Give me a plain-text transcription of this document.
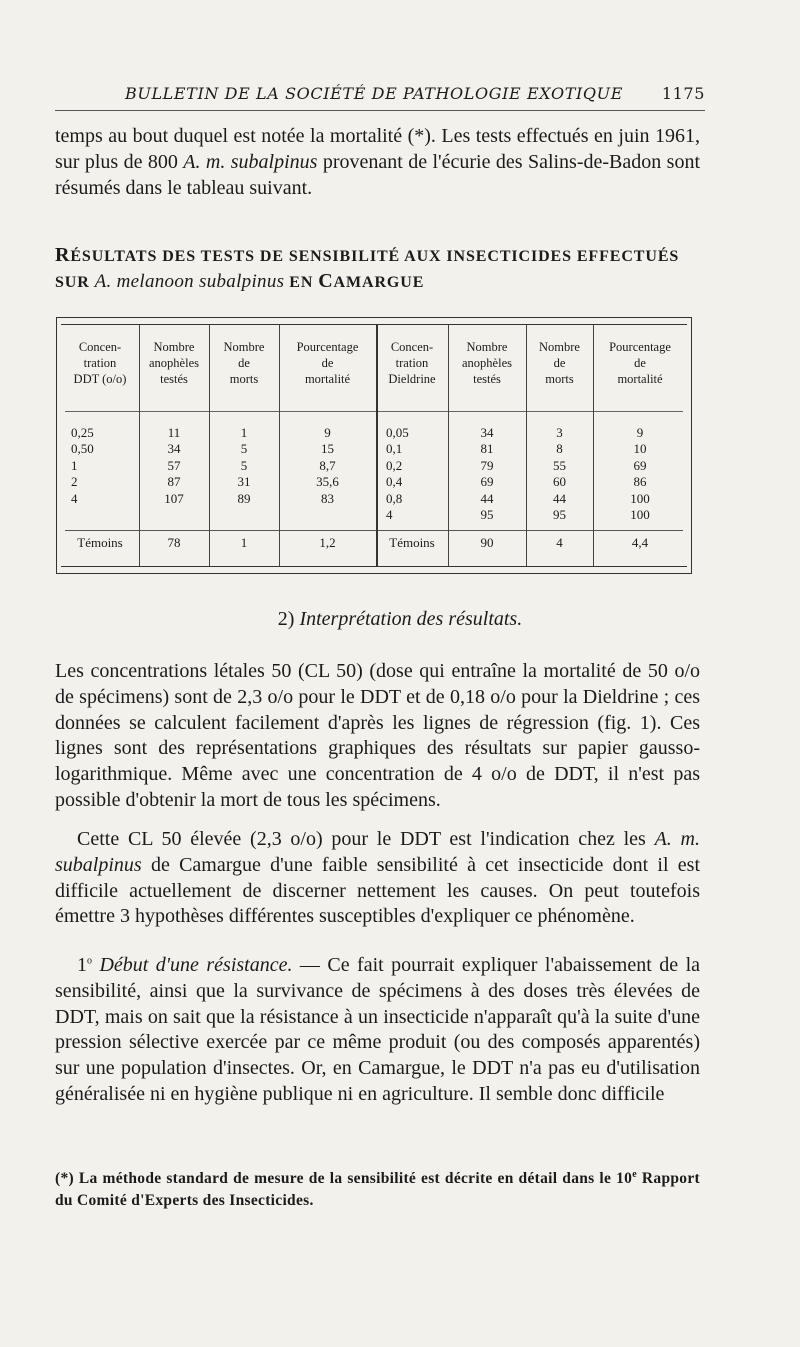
BULLETIN DE LA SOCIÉTÉ DE PATHOLOGIE EXOTIQUE 1175
temps au bout duquel est notée la mortalité (*). Les tests effectués en juin 1961, sur plus de 800 A. m. subalpinus provenant de l'écurie des Salins-de-Badon sont résumés dans le tableau suivant.
RÉSULTATS DES TESTS DE SENSIBILITÉ AUX INSECTICIDES EFFECTUÉS
SUR A. melanoon subalpinus EN CAMARGUE
Concen-
tration
DDT (o/o)
0,25
0,50
1
2
4
Témoins
Nombre
anophèles
testés
11
34
57
87
107
78
Nombre
de
morts
1
5
5
31
89
1
Pourcentage
de
mortalité
9
15
8,7
35,6
83
1,2
Concen-
tration
Dieldrine
0,05
0,1
0,2
0,4
0,8
4
Témoins
Nombre
anophèles
testés
34
81
79
69
44
95
90
Nombre
de
morts
3
8
55
60
44
95
4
Pourcentage
de
mortalité
9
10
69
86
100
100
4,4
2) Interprétation des résultats.
Les concentrations létales 50 (CL 50) (dose qui entraîne la mortalité de 50 o/o de spécimens) sont de 2,3 o/o pour le DDT et de 0,18 o/o pour la Dieldrine ; ces données se calculent facilement d'après les lignes de régression (fig. 1). Ces lignes sont des représentations graphiques des résultats sur papier gausso-logarithmique. Même avec une concentration de 4 o/o de DDT, il n'est pas possible d'obtenir la mort de tous les spécimens.
Cette CL 50 élevée (2,3 o/o) pour le DDT est l'indication chez les A. m. subalpinus de Camargue d'une faible sensibilité à cet insecticide dont il est difficile actuellement de discerner nettement les causes. On peut toutefois émettre 3 hypothèses différentes susceptibles d'expliquer ce phénomène.
1$^o$ Début d'une résistance. — Ce fait pourrait expliquer l'abaissement de la sensibilité, ainsi que la survivance de spécimens à des doses très élevées de DDT, mais on sait que la résistance à un insecticide n'apparaît qu'à la suite d'une pression sélective exercée par ce même produit (ou des composés apparentés) sur une population d'insectes. Or, en Camargue, le DDT n'a pas eu d'utilisation généralisée ni en hygiène publique ni en agriculture. Il semble donc difficile
(*) La méthode standard de mesure de la sensibilité est décrite en détail dans le 10e Rapport du Comité d'Experts des Insecticides.
